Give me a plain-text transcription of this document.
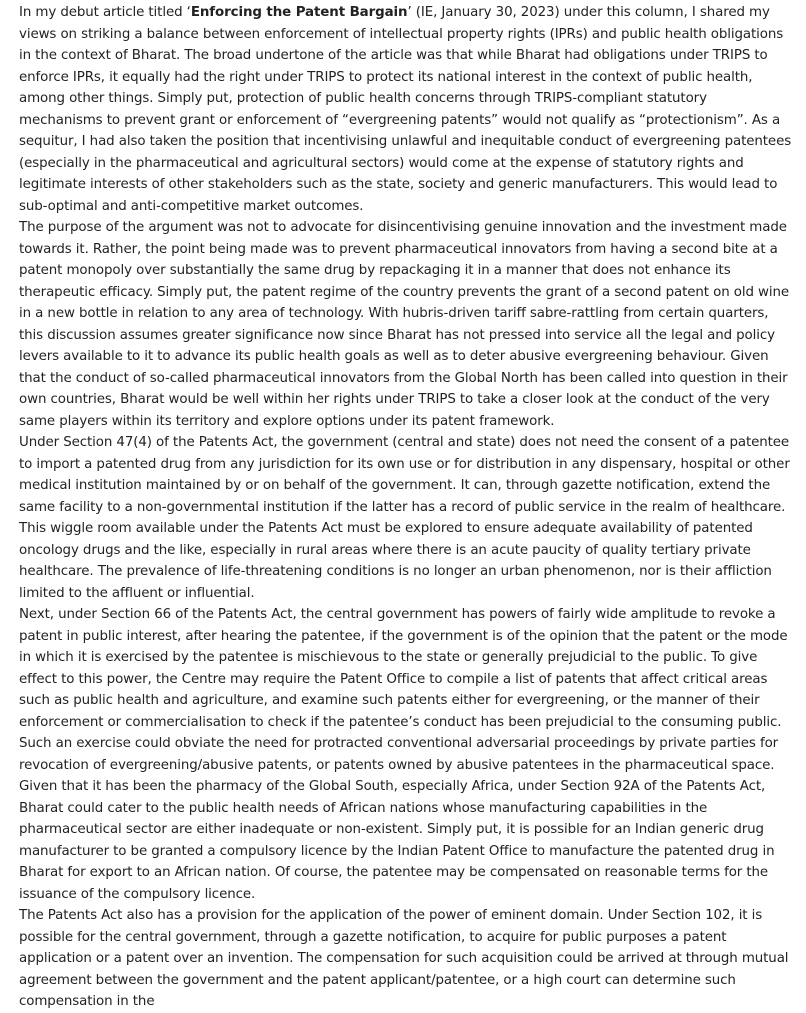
In my debut article titled ‘Enforcing the Patent Bargain’ (IE, January 30, 2023) under this column, I shared my views on striking a balance between enforcement of intellectual property rights (IPRs) and public health obligations in the context of Bharat. The broad undertone of the article was that while Bharat had obligations under TRIPS to enforce IPRs, it equally had the right under TRIPS to protect its national interest in the context of public health, among other things. Simply put, protection of public health concerns through TRIPS-compliant statutory mechanisms to prevent grant or enforcement of “evergreening patents” would not qualify as “protectionism”. As a sequitur, I had also taken the position that incentivising unlawful and inequitable conduct of evergreening patentees (especially in the pharmaceutical and agricultural sectors) would come at the expense of statutory rights and legitimate interests of other stakeholders such as the state, society and generic manufacturers. This would lead to sub-optimal and anti-competitive market outcomes.

The purpose of the argument was not to advocate for disincentivising genuine innovation and the investment made towards it. Rather, the point being made was to prevent pharmaceutical innovators from having a second bite at a patent monopoly over substantially the same drug by repackaging it in a manner that does not enhance its therapeutic efficacy. Simply put, the patent regime of the country prevents the grant of a second patent on old wine in a new bottle in relation to any area of technology. With hubris-driven tariff sabre-rattling from certain quarters, this discussion assumes greater significance now since Bharat has not pressed into service all the legal and policy levers available to it to advance its public health goals as well as to deter abusive evergreening behaviour. Given that the conduct of so-called pharmaceutical innovators from the Global North has been called into question in their own countries, Bharat would be well within her rights under TRIPS to take a closer look at the conduct of the very same players within its territory and explore options under its patent framework.

Under Section 47(4) of the Patents Act, the government (central and state) does not need the consent of a patentee to import a patented drug from any jurisdiction for its own use or for distribution in any dispensary, hospital or other medical institution maintained by or on behalf of the government. It can, through gazette notification, extend the same facility to a non-governmental institution if the latter has a record of public service in the realm of healthcare. This wiggle room available under the Patents Act must be explored to ensure adequate availability of patented oncology drugs and the like, especially in rural areas where there is an acute paucity of quality tertiary private healthcare. The prevalence of life-threatening conditions is no longer an urban phenomenon, nor is their affliction limited to the affluent or influential.

Next, under Section 66 of the Patents Act, the central government has powers of fairly wide amplitude to revoke a patent in public interest, after hearing the patentee, if the government is of the opinion that the patent or the mode in which it is exercised by the patentee is mischievous to the state or generally prejudicial to the public. To give effect to this power, the Centre may require the Patent Office to compile a list of patents that affect critical areas such as public health and agriculture, and examine such patents either for evergreening, or the manner of their enforcement or commercialisation to check if the patentee’s conduct has been prejudicial to the consuming public. Such an exercise could obviate the need for protracted conventional adversarial proceedings by private parties for revocation of evergreening/abusive patents, or patents owned by abusive patentees in the pharmaceutical space.

Given that it has been the pharmacy of the Global South, especially Africa, under Section 92A of the Patents Act, Bharat could cater to the public health needs of African nations whose manufacturing capabilities in the pharmaceutical sector are either inadequate or non-existent. Simply put, it is possible for an Indian generic drug manufacturer to be granted a compulsory licence by the Indian Patent Office to manufacture the patented drug in Bharat for export to an African nation. Of course, the patentee may be compensated on reasonable terms for the issuance of the compulsory licence.

The Patents Act also has a provision for the application of the power of eminent domain. Under Section 102, it is possible for the central government, through a gazette notification, to acquire for public purposes a patent application or a patent over an invention. The compensation for such acquisition could be arrived at through mutual agreement between the government and the patent applicant/patentee, or a high court can determine such compensation in the
